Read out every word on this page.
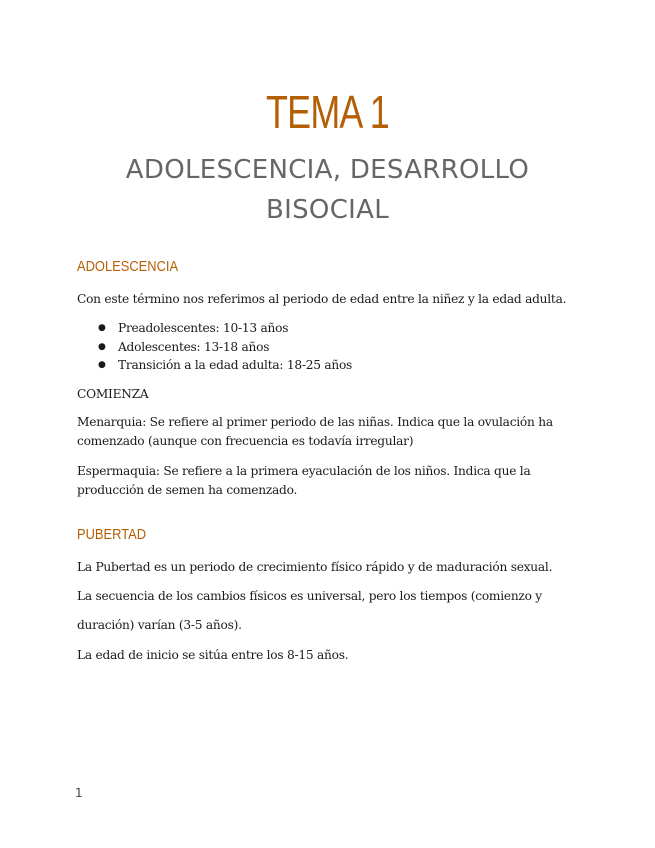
TEMA 1
ADOLESCENCIA, DESARROLLO
BISOCIAL
ADOLESCENCIA
Con este término nos referimos al periodo de edad entre la niñez y la edad adulta.
● Preadolescentes: 10-13 años
● Adolescentes: 13-18 años
● Transición a la edad adulta: 18-25 años
COMIENZA
Menarquia: Se refiere al primer periodo de las niñas. Indica que la ovulación ha comenzado (aunque con frecuencia es todavía irregular)
Espermaquia: Se refiere a la primera eyaculación de los niños. Indica que la producción de semen ha comenzado.
PUBERTAD
La Pubertad es un periodo de crecimiento físico rápido y de maduración sexual.
La secuencia de los cambios físicos es universal, pero los tiempos (comienzo y
duración) varían (3-5 años).
La edad de inicio se sitúa entre los 8-15 años.
1
